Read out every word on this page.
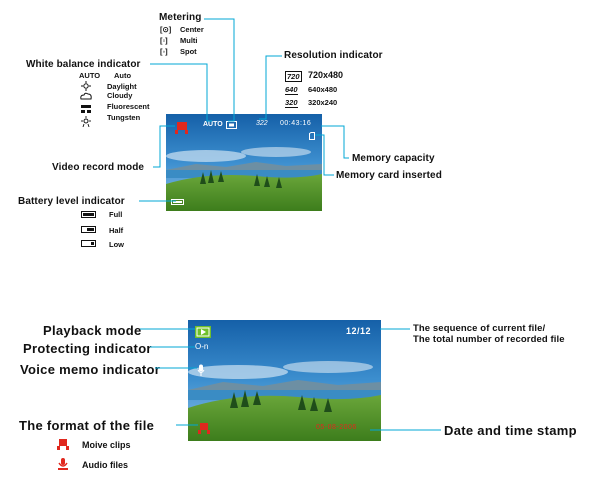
Metering
[⊙] Center
[▫] Multi
[◦] Spot
White balance indicator
AUTO Auto
Daylight
Cloudy
Fluorescent
Tungsten
Resolution indicator
720 720x480
640 640x480
320 320x240
AUTO	322 00:43:16
Video record mode
Memory capacity
Memory card inserted
Battery level indicator
Full
Half
Low
12/12
O-n
05-08-2006
Playback mode
Protecting indicator
Voice memo indicator
The format of the file
Moive clips
Audio files
The sequence of current file/
The total number of recorded file
Date and time stamp
